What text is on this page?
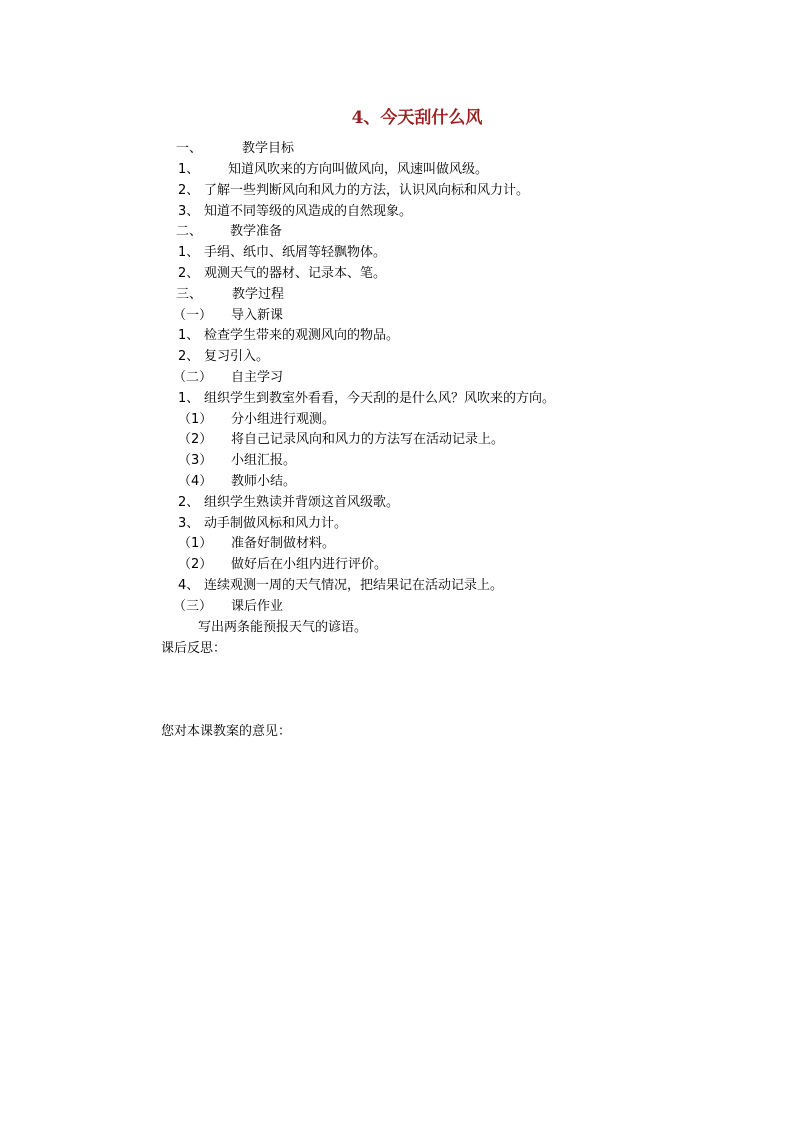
4、今天刮什么风
一、	教学目标
1、 知道风吹来的方向叫做风向，风速叫做风级。
2、 了解一些判断风向和风力的方法，认识风向标和风力计。
3、 知道不同等级的风造成的自然现象。
二、 教学准备
1、 手绢、纸巾、纸屑等轻飘物体。
2、 观测天气的器材、记录本、笔。
三、 教学过程
（一） 导入新课
1、 检查学生带来的观测风向的物品。
2、 复习引入。
（二） 自主学习
1、 组织学生到教室外看看，今天刮的是什么风？风吹来的方向。
（1） 分小组进行观测。
（2） 将自己记录风向和风力的方法写在活动记录上。
（3） 小组汇报。
（4） 教师小结。
2、 组织学生熟读并背颂这首风级歌。
3、 动手制做风标和风力计。
（1） 准备好制做材料。
（2） 做好后在小组内进行评价。
4、 连续观测一周的天气情况，把结果记在活动记录上。
（三） 课后作业
写出两条能预报天气的谚语。
课后反思：
您对本课教案的意见：
